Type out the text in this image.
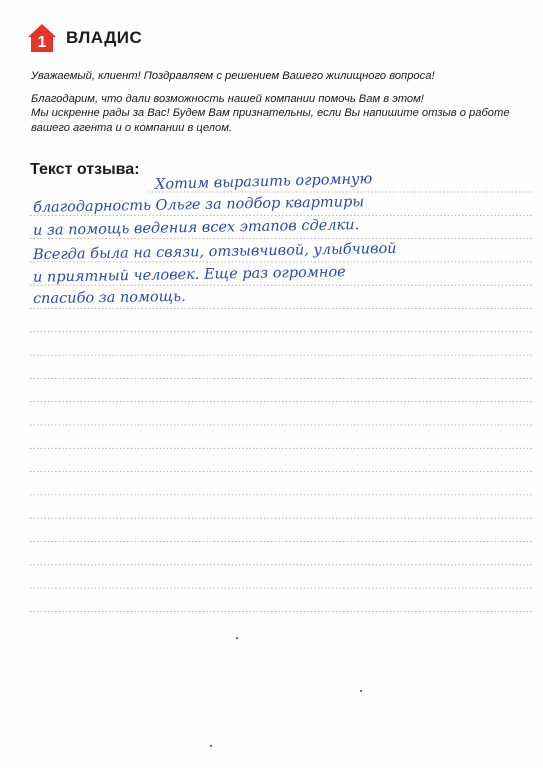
1 ВЛАДИС

Уважаемый, клиент! Поздравляем с решением Вашего жилищного вопроса!

Благодарим, что дали возможность нашей компании помочь Вам в этом!

Мы искренне рады за Вас! Будем Вам признательны, если Вы напишите отзыв о работе

вашего агента и о компании в целом.

Текст отзыва:
Хотим выразить огромную
благодарность Ольге за подбор квартиры
и за помощь ведения всех этапов сделки.
Всегда была на связи, отзывчивой, улыбчивой
и приятный человек. Еще раз огромное
спасибо за помощь.
